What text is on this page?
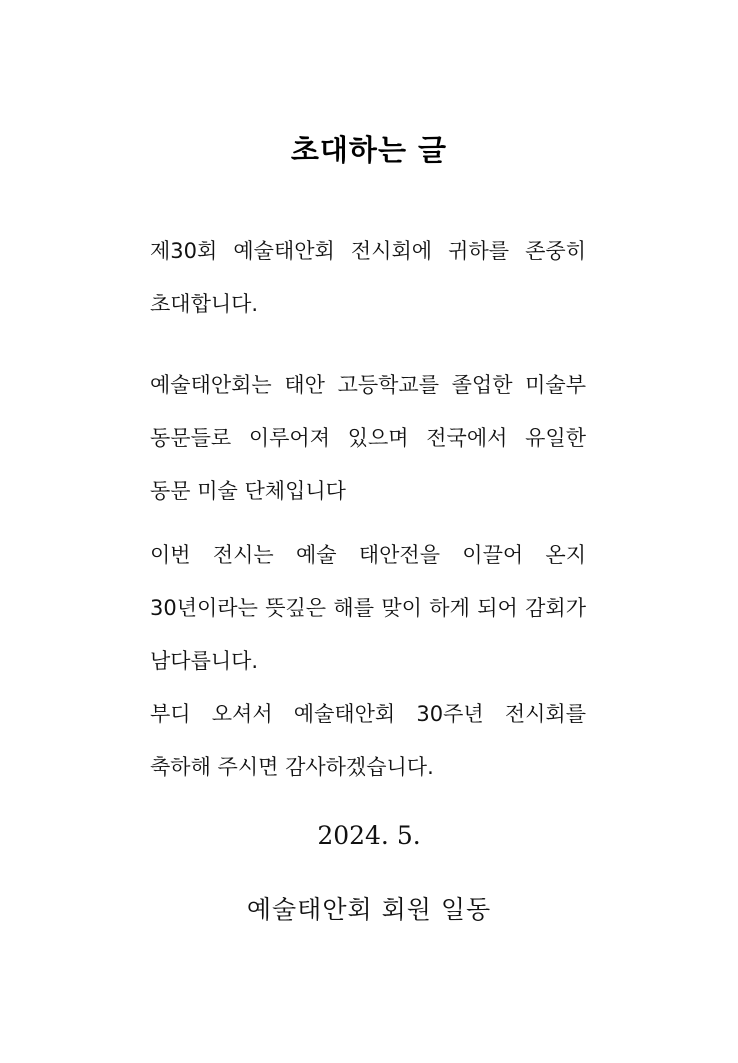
초대하는 글
제30회 예술태안회 전시회에 귀하를 존중히
초대합니다.
예술태안회는 태안 고등학교를 졸업한 미술부
동문들로 이루어져 있으며 전국에서 유일한
동문 미술 단체입니다
이번 전시는 예술 태안전을 이끌어 온지
30년이라는 뜻깊은 해를 맞이 하게 되어 감회가
남다릅니다.
부디 오셔서 예술태안회 30주년 전시회를
축하해 주시면 감사하겠습니다.
2024. 5.
예술태안회 회원 일동
